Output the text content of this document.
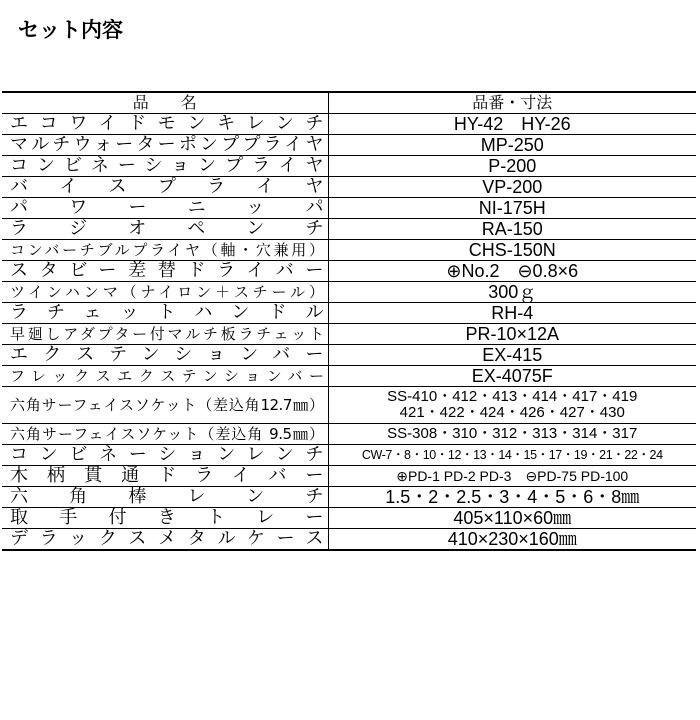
セット内容
品　　名	品番・寸法
エコワイドモンキレンチ	HY-42　HY-26
マルチウォーターポンププライヤ	MP-250
コンビネーションプライヤ	P-200
バイスプライヤ	VP-200
パワーニッパ	NI-175H
ラジオペンチ	RA-150
コンバーチブルプライヤ（軸・穴兼用）	CHS-150N
スタビー差替ドライバー	⊕No.2　⊖0.8×6
ツインハンマ（ナイロン＋スチール）	300ｇ
ラチェットハンドル	RH-4
早廻しアダプター付マルチ板ラチェット	PR-10×12A
エクステンションバー	EX-415
フレックスエクステンションバー	EX-4075F
六角サーフェイスソケット（差込角12.7㎜）	SS-410・412・413・414・417・419
421・422・424・426・427・430

六角サーフェイスソケット（差込角 9.5㎜）	SS-308・310・312・313・314・317
コンビネーションレンチ	CW-7・8・10・12・13・14・15・17・19・21・22・24
木柄貫通ドライバー	⊕PD-1 PD-2 PD-3　⊖PD-75 PD-100
六角棒レンチ	1.5・2・2.5・3・4・5・6・8㎜
取手付きトレー	405×110×60㎜
デラックスメタルケース	410×230×160㎜
